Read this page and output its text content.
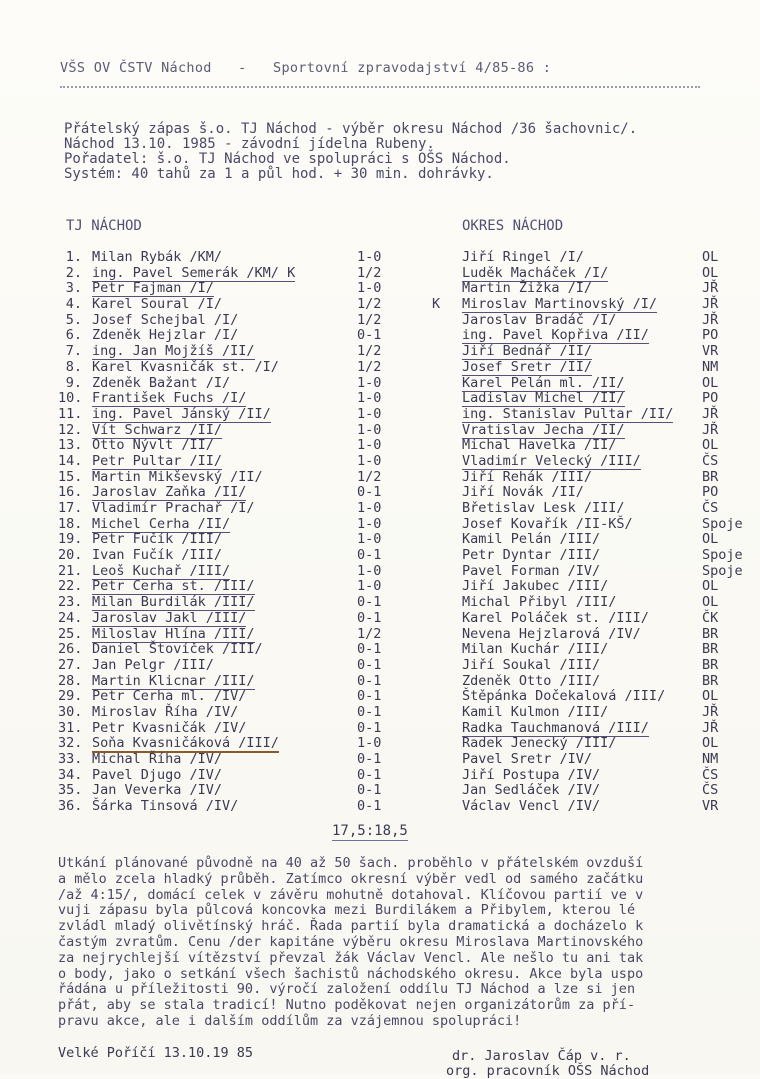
VŠS OV ČSTV Náchod - Sportovní zpravodajství 4/85-86 :
Přátelský zápas š.o. TJ Náchod - výběr okresu Náchod /36 šachovnic/.
Náchod 13.10. 1985 - závodní jídelna Rubeny.
Pořadatel: š.o. TJ Náchod ve spolupráci s OŠS Náchod.
Systém: 40 tahů za 1 a půl hod. + 30 min. dohrávky.
TJ NÁCHOD	OKRES NÁCHOD
1. Milan Rybák /KM/	1-0	Jiří Ringel /I/	OL
2. ing. Pavel Semerák /KM/ K	1/2	Luděk Macháček /I/	OL
3. Petr Fajman /I/	1-0	Martin Žižka /I/	JŘ
4. Karel Soural /I/	1/2	K Miroslav Martinovský /I/	JŘ
5. Josef Schejbal /I/	1/2	Jaroslav Bradáč /I/	JŘ
6. Zdeněk Hejzlar /I/	0-1	ing. Pavel Kopřiva /II/	PO
7. ing. Jan Mojžíš /II/	1/2	Jiří Bednář /II/	VR
8. Karel Kvasničák st. /I/	1/2	Josef Sretr /II/	NM
9. Zdeněk Bažant /I/	1-0	Karel Pelán ml. /II/	OL
10. František Fuchs /I/	1-0	Ladislav Michel /II/	PO
11. ing. Pavel Jánský /II/	1-0	ing. Stanislav Pultar /II/ JŘ
12. Vít Schwarz /II/	1-0	Vratislav Jecha /II/	JŘ
13. Otto Nývlt /II/	1-0	Michal Havelka /II/	OL
14. Petr Pultar /II/	1-0	Vladimír Velecký /III/	ČS
15. Martin Mikševský /II/	1/2	Jiří Rehák /III/	BR
16. Jaroslav Zaňka /II/	0-1	Jiří Novák /II/	PO
17. Vladimír Prachař /I/	1-0	Břetislav Lesk /III/	ČS
18. Michel Cerha /II/	1-0	Josef Kovařík /II-KŠ/	Spoje
19. Petr Fučík /III/	1-0	Kamil Pelán /III/	OL
20. Ivan Fučík /III/	0-1	Petr Dyntar /III/	Spoje
21. Leoš Kuchař /III/	1-0	Pavel Forman /IV/	Spoje
22. Petr Cerha st. /III/	1-0	Jiří Jakubec /III/	OL
23. Milan Burdilák /III/	0-1	Michal Přibyl /III/	OL
24. Jaroslav Jakl /III/	0-1	Karel Poláček st. /III/	ČK
25. Miloslav Hlína /III/	1/2	Nevena Hejzlarová /IV/	BR
26. Daniel Štovíček /III/	0-1	Milan Kuchár /III/	BR
27. Jan Pelgr /III/	0-1	Jiří Soukal /III/	BR
28. Martin Klicnar /III/	0-1	Zdeněk Otto /III/	BR
29. Petr Cerha ml. /IV/	0-1	Štěpánka Dočekalová /III/	OL
30. Miroslav Říha /IV/	0-1	Kamil Kulmon /III/	JŘ
31. Petr Kvasničák /IV/	0-1	Radka Tauchmanová /III/	JŘ
32. Soňa Kvasničáková /III/	1-0	Radek Jenecký /III/	OL
33. Michal Říha /IV/	0-1	Pavel Sretr /IV/	NM
34. Pavel Djugo /IV/	0-1	Jiří Postupa /IV/	ČS
35. Jan Veverka /IV/	0-1	Jan Sedláček /IV/	ČS
36. Šárka Tinsová /IV/	0-1	Václav Vencl /IV/	VR
17,5:18,5
Utkání plánované původně na 40 až 50 šach. proběhlo v přátelském ovzduší
a mělo zcela hladký průběh. Zatímco okresní výběr vedl od samého začátku
/až 4:15/, domácí celek v závěru mohutně dotahoval. Klíčovou partií ve v
vuji zápasu byla půlcová koncovka mezi Burdilákem a Přibylem, kterou lé
zvládl mladý olivětínský hráč. Řada partií byla dramatická a docházelo k
častým zvratům. Cenu /der kapitáne výběru okresu Miroslava Martinovského
za nejrychlejší vítězství převzal žák Václav Vencl. Ale nešlo tu ani tak
o body, jako o setkání všech šachistů náchodského okresu. Akce byla uspo
řádána u příležitosti 90. výročí založení oddílu TJ Náchod a lze si jen
přát, aby se stala tradicí! Nutno poděkovat nejen organizátorům za pří-
pravu akce, ale i dalším oddílům za vzájemnou spolupráci!
Velké Poříčí 13.10.19 85	dr. Jaroslav Čáp v. r.
org. pracovník OŠS Náchod
